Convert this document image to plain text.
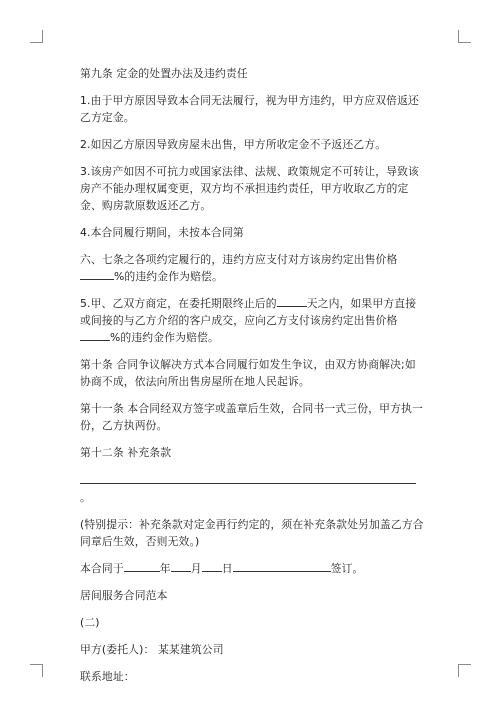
第九条 定金的处置办法及违约责任

1.由于甲方原因导致本合同无法履行，视为甲方违约，甲方应双倍返还乙方定金。

2.如因乙方原因导致房屋未出售，甲方所收定金不予返还乙方。

3.该房产如因不可抗力或国家法律、法规、政策规定不可转让，导致该房产不能办理权属变更，双方均不承担违约责任，甲方收取乙方的定金、购房款原数返还乙方。

4.本合同履行期间，未按本合同第

六、七条之各项约定履行的，违约方应支付对方该房约定出售价格%的违约金作为赔偿。

5.甲、乙双方商定，在委托期限终止后的	天之内，如果甲方直接或间接的与乙方介绍的客户成交，应向乙方支付该房约定出售价格%的违约金作为赔偿。

第十条 合同争议解决方式本合同履行如发生争议，由双方协商解决;如协商不成，依法向所出售房屋所在地人民起诉。

第十一条 本合同经双方签字或盖章后生效，合同书一式三份，甲方执一份，乙方执两份。

第十二条 补充条款

。

(特别提示：补充条款对定金再行约定的，须在补充条款处另加盖乙方合同章后生效，否则无效。)

本合同于	年 月 日	签订。

居间服务合同范本

(二)

甲方(委托人)： 某某建筑公司

联系地址：
